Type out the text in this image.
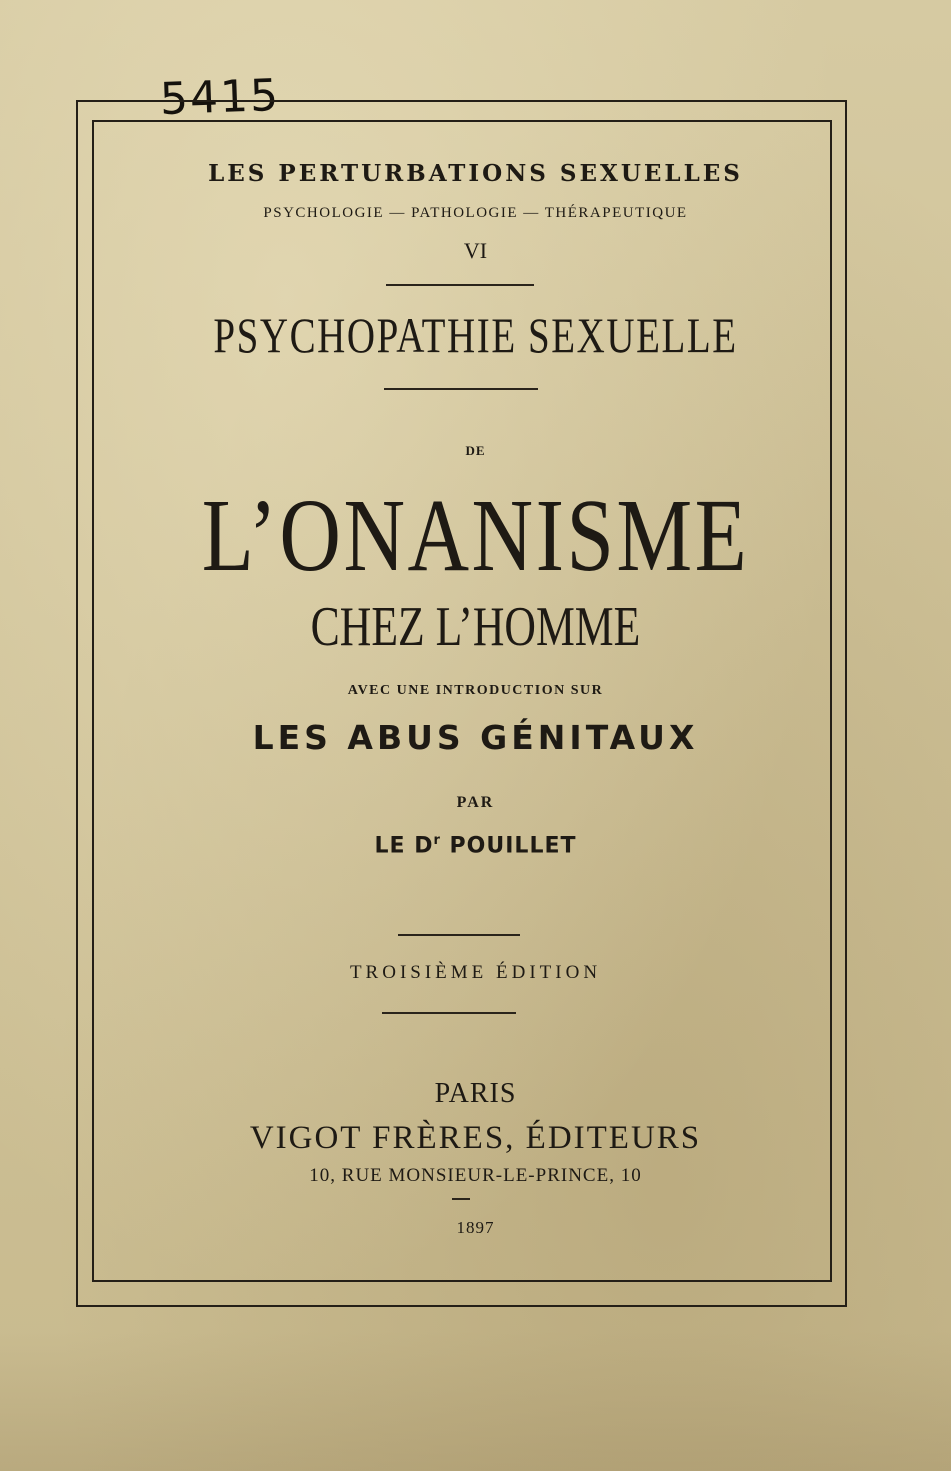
5415
LES PERTURBATIONS SEXUELLES
PSYCHOLOGIE — PATHOLOGIE — THÉRAPEUTIQUE
VI
PSYCHOPATHIE SEXUELLE
DE
L’ONANISME
CHEZ L’HOMME
AVEC UNE INTRODUCTION SUR
LES ABUS GÉNITAUX
PAR
LE $D^r$ POUILLET
TROISIÈME ÉDITION
PARIS
VIGOT FRÈRES, ÉDITEURS
10, RUE MONSIEUR-LE-PRINCE, 10
1897
